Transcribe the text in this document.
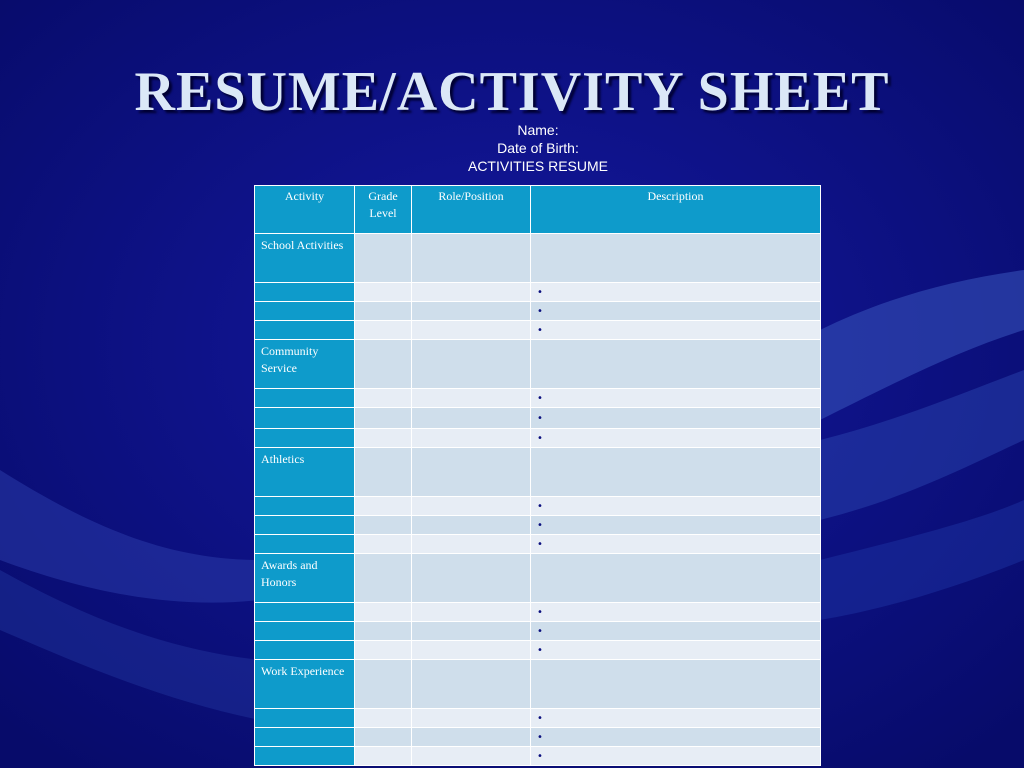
RESUME/ACTIVITY SHEET
Name:
Date of Birth:
ACTIVITIES RESUME
Activity	Grade Level	Role/Position	Description
School Activities			
			•
			•
			•
Community Service			
			•
			•
			•
Athletics			
			•
			•
			•
Awards and Honors			
			•
			•
			•
Work Experience			
			•
			•
			•
